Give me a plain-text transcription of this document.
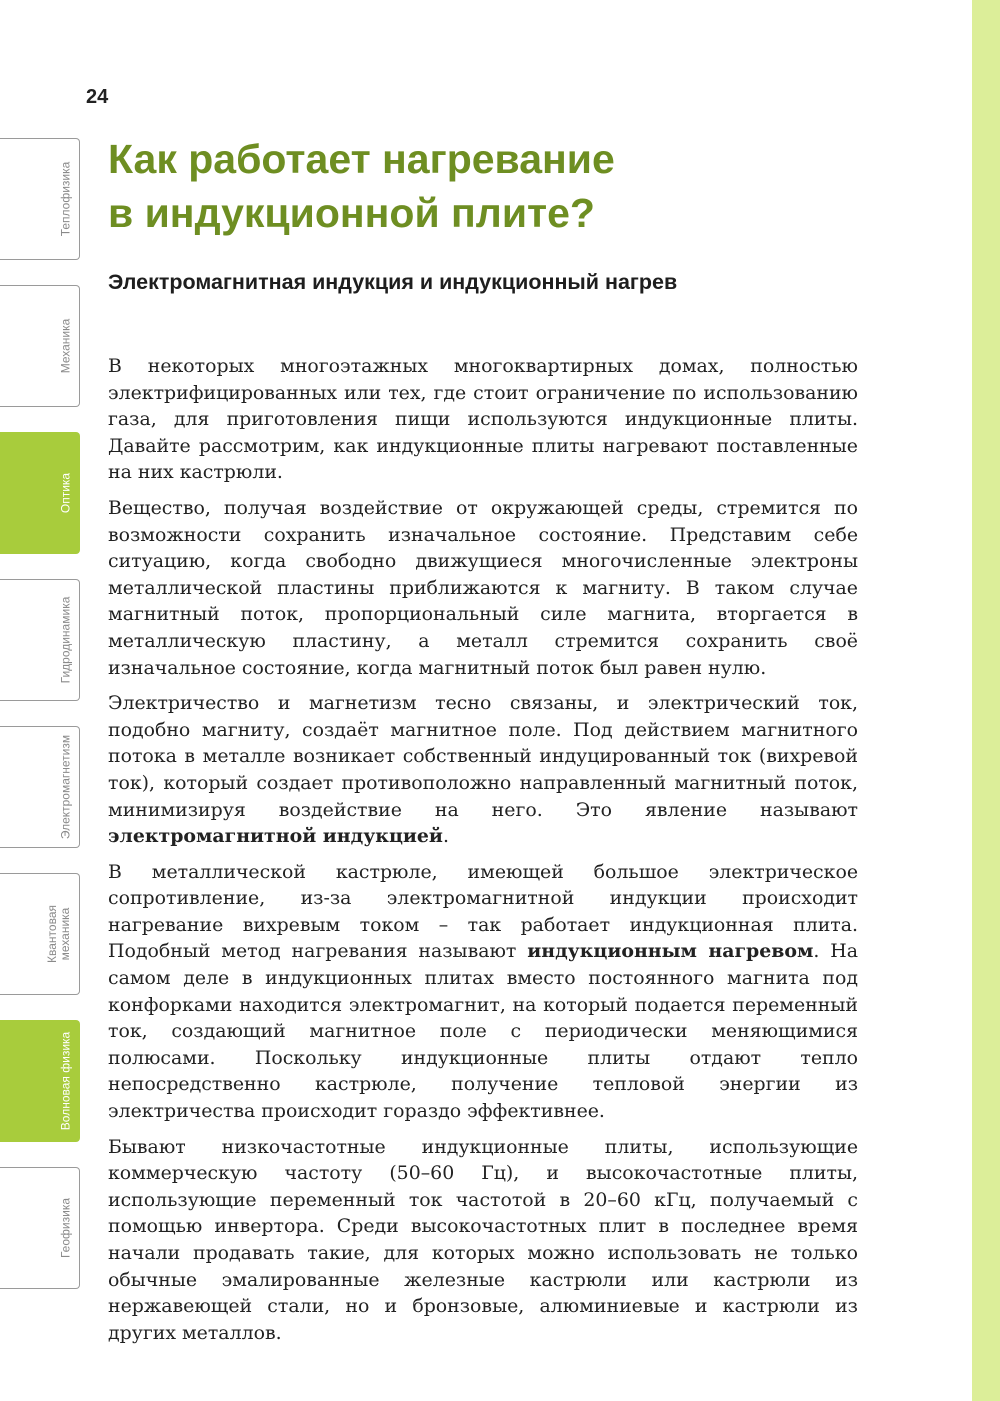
24
Теплофизика
Механика
Оптика
Гидродинамика
Электромагнетизм
Квантовая
механика
Волновая физика
Геофизика
Как работает нагревание
в индукционной плите?
Электромагнитная индукция и индукционный нагрев

В некоторых многоэтажных многоквартирных домах, полностью электрифицированных или тех, где стоит ограничение по использованию газа, для приготовления пищи используются индукционные плиты. Давайте рассмотрим, как индукционные плиты нагревают поставленные на них кастрюли.

Вещество, получая воздействие от окружающей среды, стремится по возможности сохранить изначальное состояние. Представим себе ситуацию, когда свободно движущиеся многочисленные электроны металлической пластины приближаются к магниту. В таком случае магнитный поток, пропорциональный силе магнита, вторгается в металлическую пластину, а металл стремится сохранить своё изначальное состояние, когда магнитный поток был равен нулю.

Электричество и магнетизм тесно связаны, и электрический ток, подобно магниту, создаёт магнитное поле. Под действием магнитного потока в металле возникает собственный индуцированный ток (вихревой ток), который создает противоположно направленный магнитный поток, минимизируя воздействие на него. Это явление называют электромагнитной индукцией.

В металлической кастрюле, имеющей большое электрическое сопротивление, из-за электромагнитной индукции происходит нагревание вихревым током – так работает индукционная плита. Подобный метод нагревания называют индукционным нагревом. На самом деле в индукционных плитах вместо постоянного магнита под конфорками находится электромагнит, на который подается переменный ток, создающий магнитное поле с периодически меняющимися полюсами. Поскольку индукционные плиты отдают тепло непосредственно кастрюле, получение тепловой энергии из электричества происходит гораздо эффективнее.

Бывают низкочастотные индукционные плиты, использующие коммерческую частоту (50–60 Гц), и высокочастотные плиты, использующие переменный ток частотой в 20–60 кГц, получаемый с помощью инвертора. Среди высокочастотных плит в последнее время начали продавать такие, для которых можно использовать не только обычные эмалированные железные кастрюли или кастрюли из нержавеющей стали, но и бронзовые, алюминиевые и кастрюли из других металлов.
